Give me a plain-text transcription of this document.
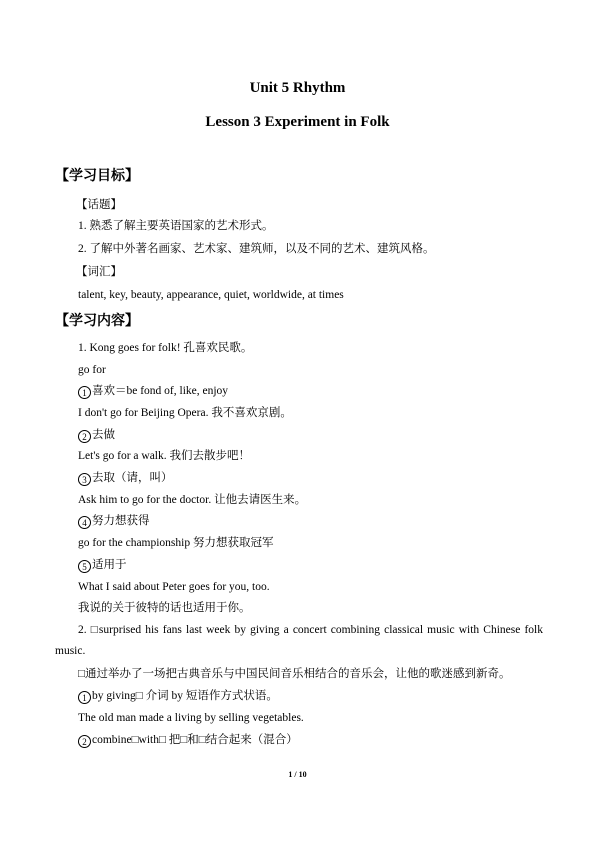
Unit 5 Rhythm
Lesson 3 Experiment in Folk
【学习目标】
【话题】
1. 熟悉了解主要英语国家的艺术形式。
2. 了解中外著名画家、艺术家、建筑师，以及不同的艺术、建筑风格。
【词汇】
talent, key, beauty, appearance, quiet, worldwide, at times
【学习内容】
1. Kong goes for folk! 孔喜欢民歌。
go for
1 喜欢＝be fond of, like, enjoy
I don't go for Beijing Opera. 我不喜欢京剧。
2 去做
Let's go for a walk. 我们去散步吧！
3 去取（请，叫）
Ask him to go for the doctor. 让他去请医生来。
4 努力想获得
go for the championship 努力想获取冠军
5 适用于
What I said about Peter goes for you, too.
我说的关于彼特的话也适用于你。
2. □surprised his fans last week by giving a concert combining classical music with Chinese folk music.
□通过举办了一场把古典音乐与中国民间音乐相结合的音乐会，让他的歌迷感到新奇。
1 by giving□ 介词 by 短语作方式状语。
The old man made a living by selling vegetables.
2 combine□with□ 把□和□结合起来（混合）
1 / 10
